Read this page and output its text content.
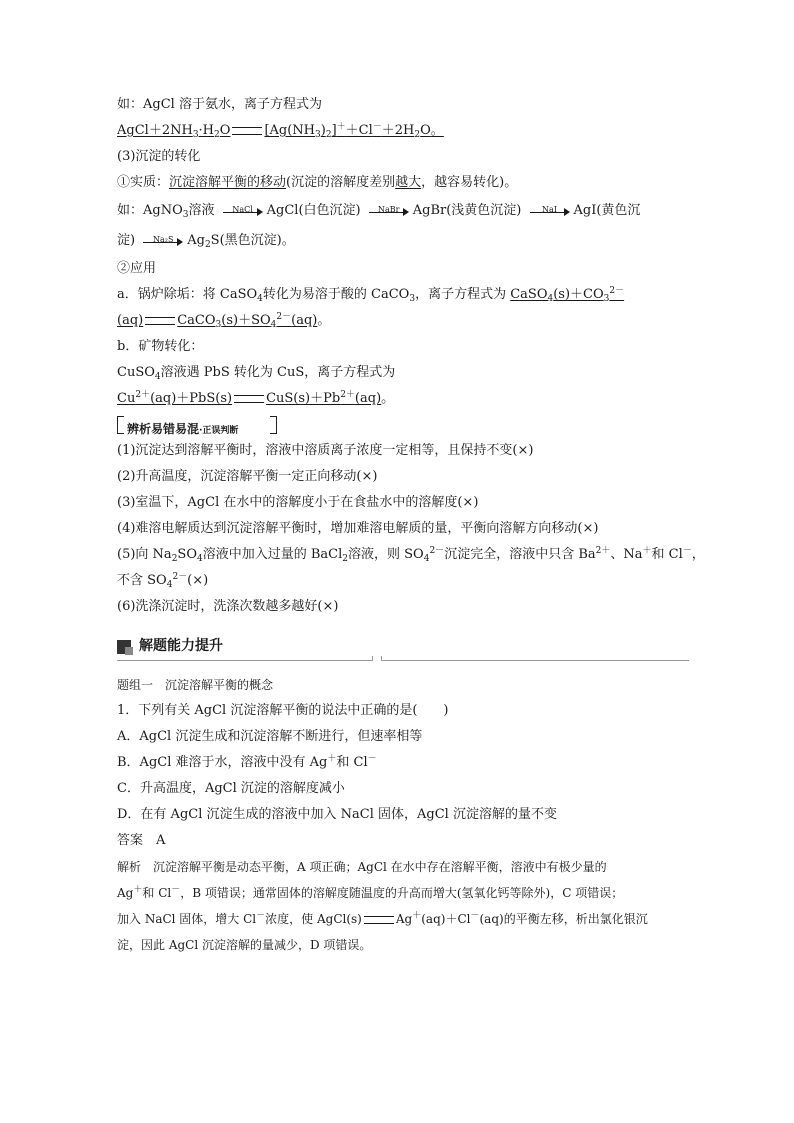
如：AgCl 溶于氨水，离子方程式为
$AgCl+2NH_3\cdot H_2O$	$[Ag(NH_3)_2]^++Cl^-+2H_2O$。
(3)沉淀的转化
①实质：沉淀溶解平衡的移动(沉淀的溶解度差别越大，越容易转化)。
如：AgNO$_3$溶液	NaCl	AgCl(白色沉淀)	NaBr	AgBr(浅黄色沉淀)	NaI	AgI(黄色沉
淀)	Na₂S	$Ag_2S$(黑色沉淀)。
②应用
a．锅炉除垢：将 CaSO$_4$转化为易溶于酸的 CaCO$_3$，离子方程式为 $CaSO_4(s)+CO_3^{2-}$
(aq)	$CaCO_3(s)+SO_4^{2-}(aq)$。
b．矿物转化：
CuSO$_4$溶液遇 PbS 转化为 CuS，离子方程式为
$Cu^{2+}(aq)+PbS(s)$	$CuS(s)+Pb^{2+}(aq)$。
辨析易错易混·正误判断
(1)沉淀达到溶解平衡时，溶液中溶质离子浓度一定相等，且保持不变(×)
(2)升高温度，沉淀溶解平衡一定正向移动(×)
(3)室温下，AgCl 在水中的溶解度小于在食盐水中的溶解度(×)
(4)难溶电解质达到沉淀溶解平衡时，增加难溶电解质的量，平衡向溶解方向移动(×)
(5)向 $Na_2SO_4$溶液中加入过量的 BaCl$_2$溶液，则 $SO_4^{2-}$沉淀完全，溶液中只含 $Ba^{2+}$、Na＋和 Cl－，
不含 $SO_4^{2-}(\times)$
(6)洗涤沉淀时，洗涤次数越多越好(×)
解题能力提升
题组一　沉淀溶解平衡的概念
1．下列有关 AgCl 沉淀溶解平衡的说法中正确的是(　　)
A．AgCl 沉淀生成和沉淀溶解不断进行，但速率相等
B．AgCl 难溶于水，溶液中没有 Ag＋和 Cl－
C．升高温度，AgCl 沉淀的溶解度减小
D．在有 AgCl 沉淀生成的溶液中加入 NaCl 固体，AgCl 沉淀溶解的量不变
答案　 A
解析　沉淀溶解平衡是动态平衡，A 项正确；AgCl 在水中存在溶解平衡，溶液中有极少量的
Ag＋和 Cl－，B 项错误；通常固体的溶解度随温度的升高而增大(氢氧化钙等除外)，C 项错误；
加入 NaCl 固体，增大 Cl－浓度，使 AgCl(s)	Ag＋(aq)＋Cl－(aq)的平衡左移，析出氯化银沉
淀，因此 AgCl 沉淀溶解的量减少，D 项错误。
